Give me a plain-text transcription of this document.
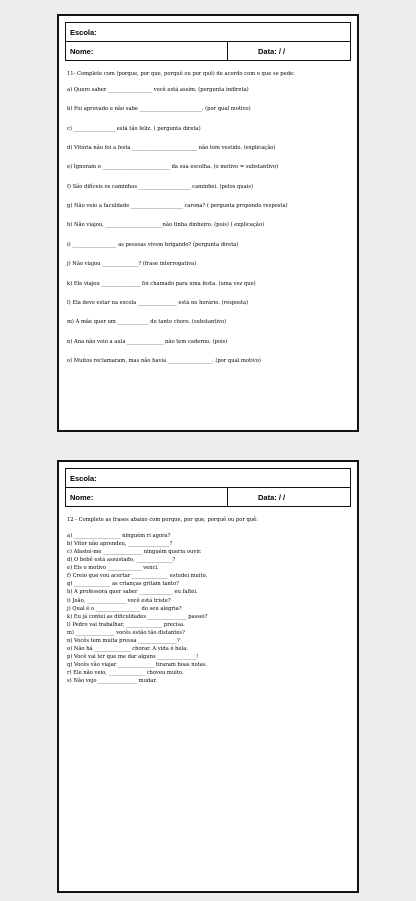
Escola:
Nome:	Data: / /
11- Complete com (porque, por que, porquê ou por quê) de acordo com o que se pede:
a) Quero saber _________________ você está assim. (pergunta indireta)
b) Foi aprovado e não sabe ________________________. (por qual motivo)
c) ________________ está tão feliz. ( pergunta direta)
d) Vitória não foi a festa _________________________ não tem vestido. (explicação)
e) Ignoram o __________________________ da sua escolha. (o motivo = substantivo)
f) São difíceis os caminhos ____________________ caminhei. (pelos quais)
g) Não veio a faculdade ____________________ carona? ( pergunta propondo resposta)
h) Não viajou, ______________________não tinha dinheiro. (pois) ( explicação)
i) _________________ as pessoas vivem brigando? (pergunta direta)
j) Não viajou ______________? (frase interrogativa)
k) Ele viajou _______________ foi chamado para uma festa. (uma vez que)
l) Ela deve estar na escola _______________ está no horário. (resposta)
m) A mãe quer um ____________ de tanto choro. (substantivo)
n) Ana não veio a aula ______________ não tem caderno. (pois)
o) Muitos reclamaram, mas não havia _________________. (por qual motivo)
Escola:
Nome:	Data: / /
12 - Complete as frases abaixo com porque, por que, porquê ou por quê:
a) __________________ ninguém ri agora?
b) Vitor não aprendeu, ________________?
c) Afastei-me _______________ ninguém queria ouvir.
d) O bebê está assustado, ______________?
e) Eis o motivo _____________ venci.
f) Creio que vou acertar ______________ estudei muito.
g) ______________ as crianças gritam tanto?
h) A professora quer saber _____________ eu faltei.
i) João, _______________ você está triste?
j) Qual é o _________________ do seu alegria?
k) Eu já contei as dificuldades _______________ passei?
l) Pedro vai trabalhar, ______________ precisa.
m) _______________ vocês estão tão distantes?
n) Vocês tem muita pressa _______________?
o) Não há ______________ chorar. A vida é bela.
p) Você vai ter que me dar alguns _______________!
q) Vocês vão viajar ______________ tiraram boas notas.
r) Ele não veio, ______________ choveu muito.
s) Não vejo _______________ mudar.
